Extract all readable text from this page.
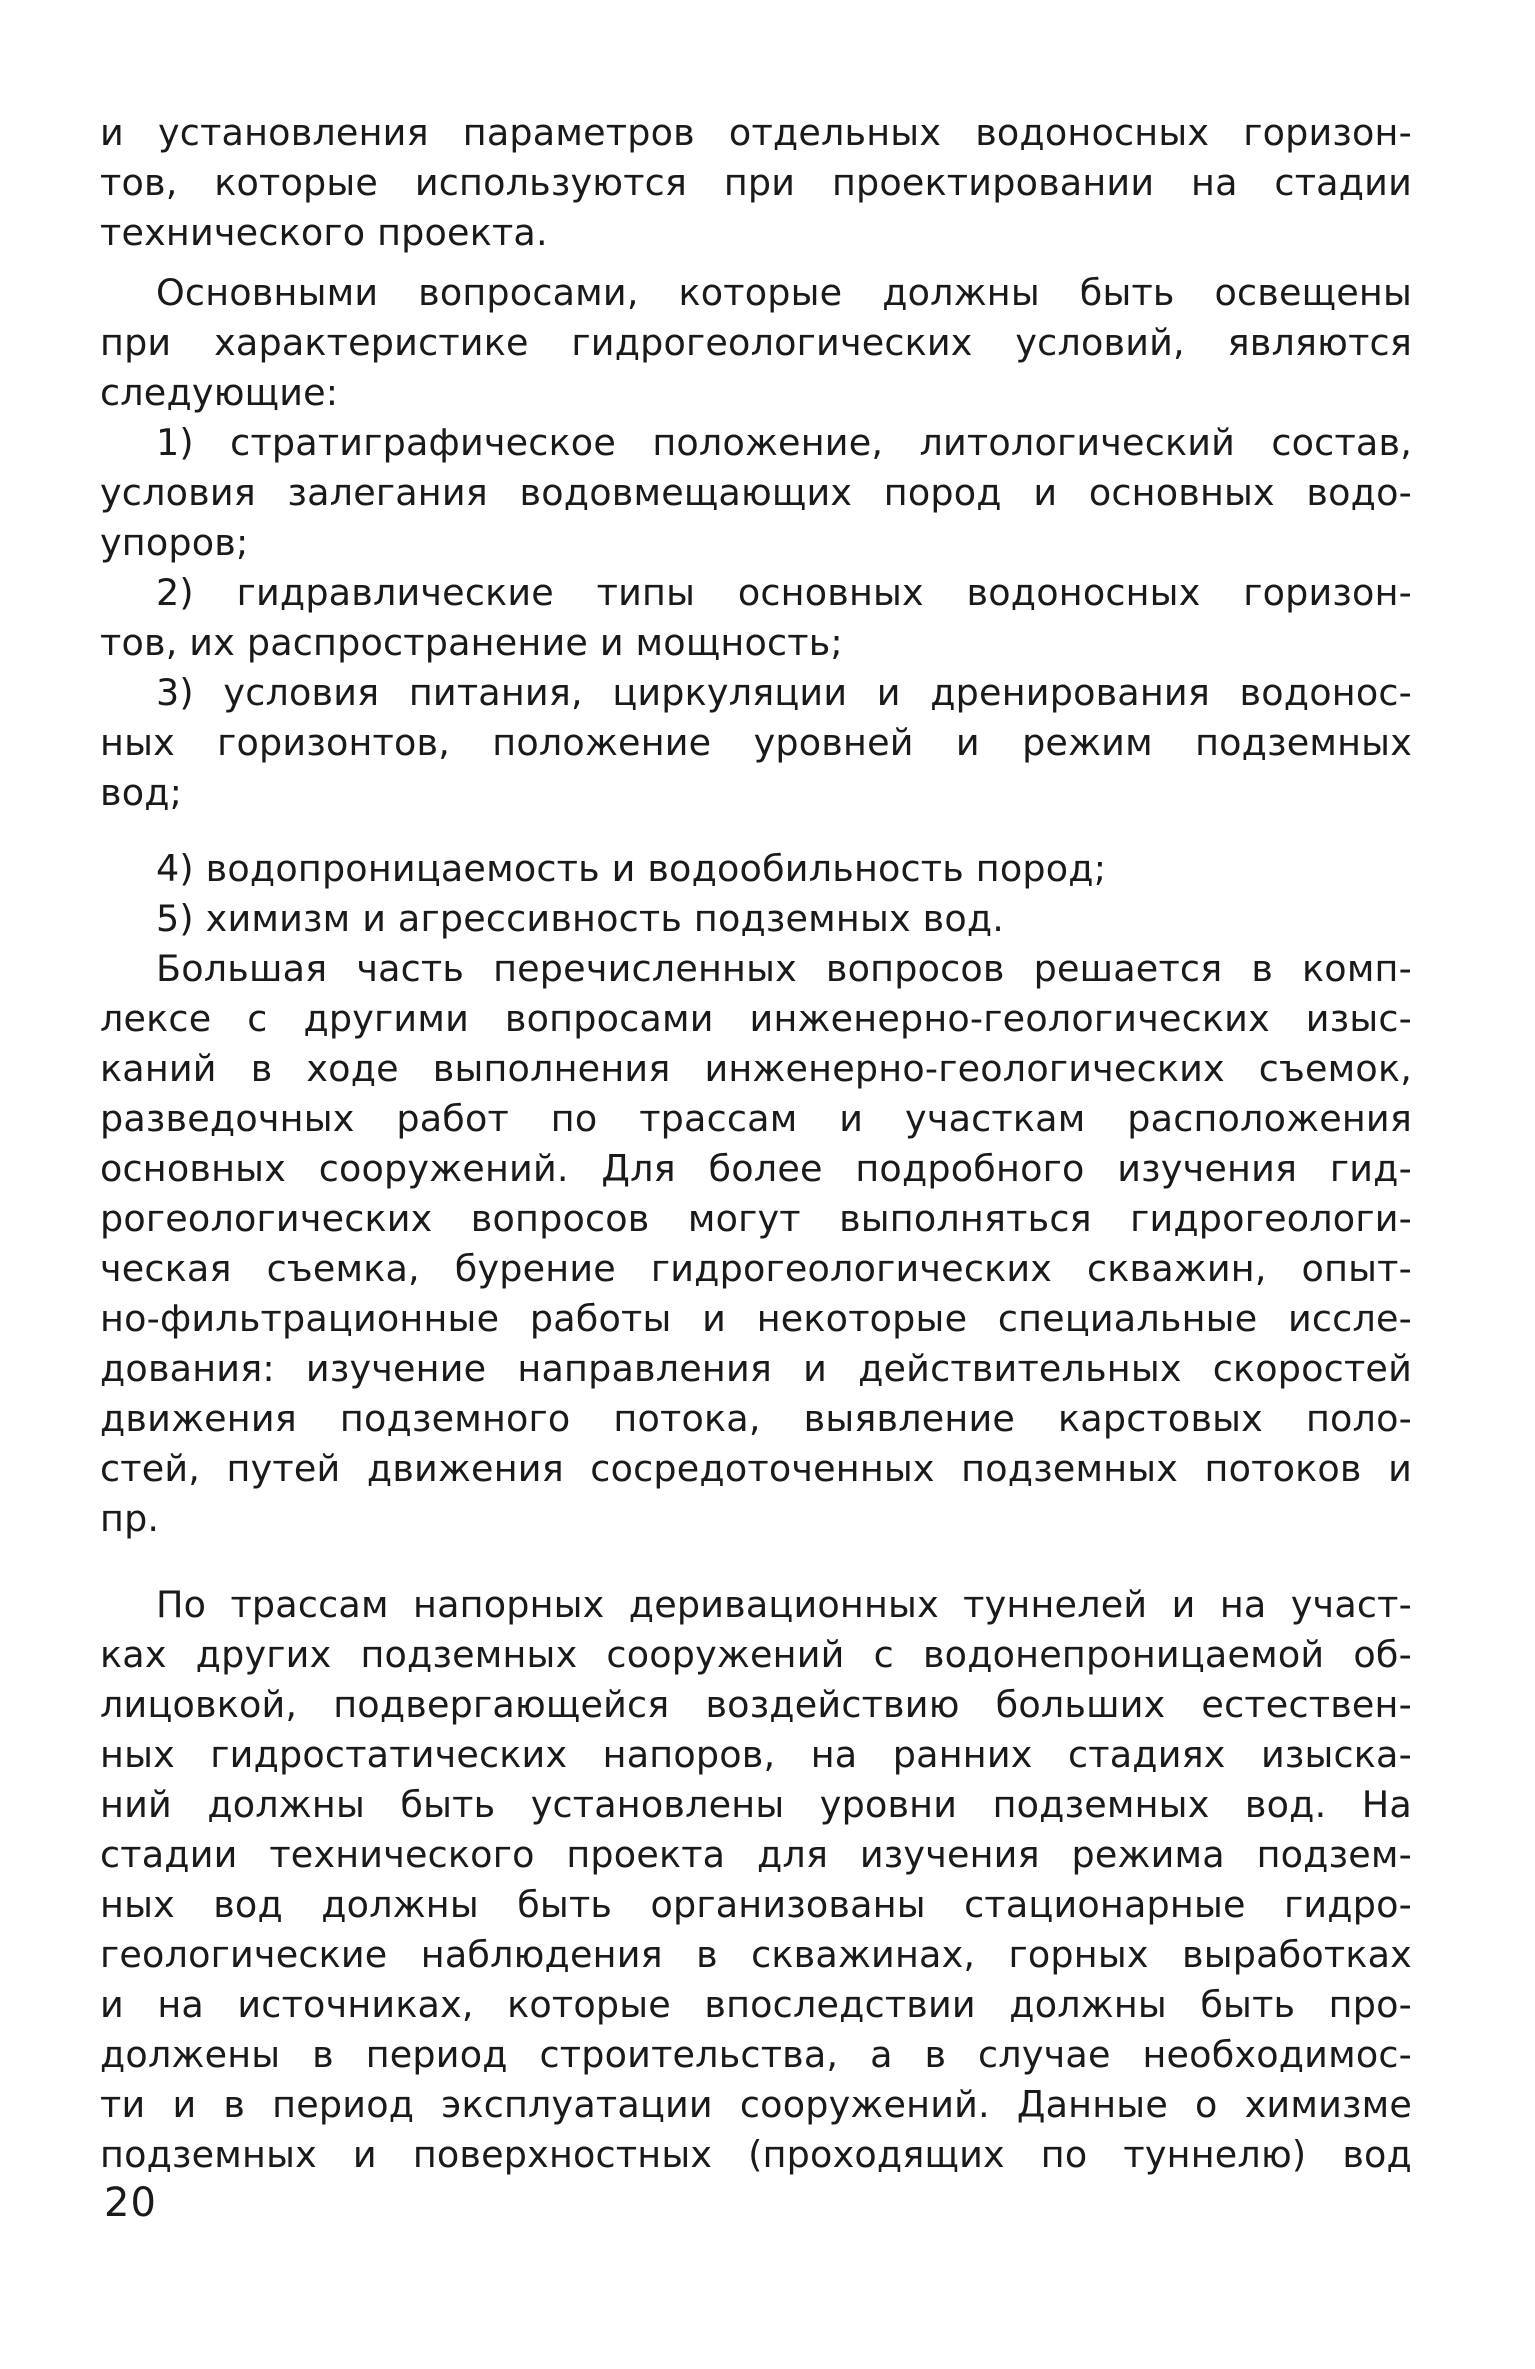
и установления параметров отдельных водоносных горизон-
тов, которые используются при проектировании на стадии
технического проекта.
Основными вопросами, которые должны быть освещены
при характеристике гидрогеологических условий, являются
следующие:
1) стратиграфическое положение, литологический состав,
условия залегания водовмещающих пород и основных водо-
упоров;
2) гидравлические типы основных водоносных горизон-
тов, их распространение и мощность;
3) условия питания, циркуляции и дренирования водонос-
ных горизонтов, положение уровней и режим подземных
вод;
4) водопроницаемость и водообильность пород;
5) химизм и агрессивность подземных вод.
Большая часть перечисленных вопросов решается в комп-
лексе с другими вопросами инженерно-геологических изыс-
каний в ходе выполнения инженерно-геологических съемок,
разведочных работ по трассам и участкам расположения
основных сооружений. Для более подробного изучения гид-
рогеологических вопросов могут выполняться гидрогеологи-
ческая съемка, бурение гидрогеологических скважин, опыт-
но-фильтрационные работы и некоторые специальные иссле-
дования: изучение направления и действительных скоростей
движения подземного потока, выявление карстовых поло-
стей, путей движения сосредоточенных подземных потоков и
пр.
По трассам напорных деривационных туннелей и на участ-
ках других подземных сооружений с водонепроницаемой об-
лицовкой, подвергающейся воздействию больших естествен-
ных гидростатических напоров, на ранних стадиях изыска-
ний должны быть установлены уровни подземных вод. На
стадии технического проекта для изучения режима подзем-
ных вод должны быть организованы стационарные гидро-
геологические наблюдения в скважинах, горных выработках
и на источниках, которые впоследствии должны быть про-
должены в период строительства, а в случае необходимос-
ти и в период эксплуатации сооружений. Данные о химизме
подземных и поверхностных (проходящих по туннелю) вод
20
